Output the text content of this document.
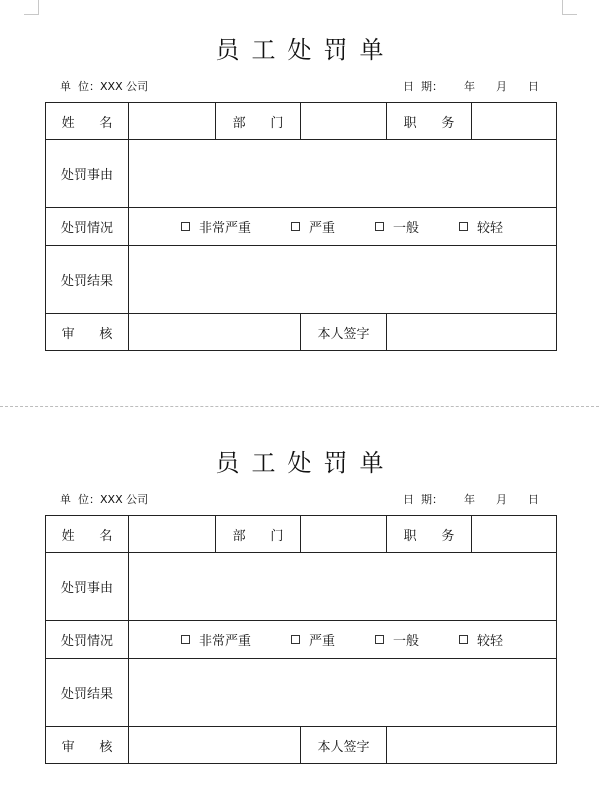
员工处罚单
单  位：XXX 公司	日  期：      年      月      日
姓      名		部      门		职      务	
处罚事由					
处罚情况	非常严重 严重 一般 较轻				

处罚结果					
审      核			本人签字		
员工处罚单
单  位：XXX 公司	日  期：      年      月      日
姓      名		部      门		职      务	
处罚事由					
处罚情况	非常严重 严重 一般 较轻				

处罚结果					
审      核			本人签字		
